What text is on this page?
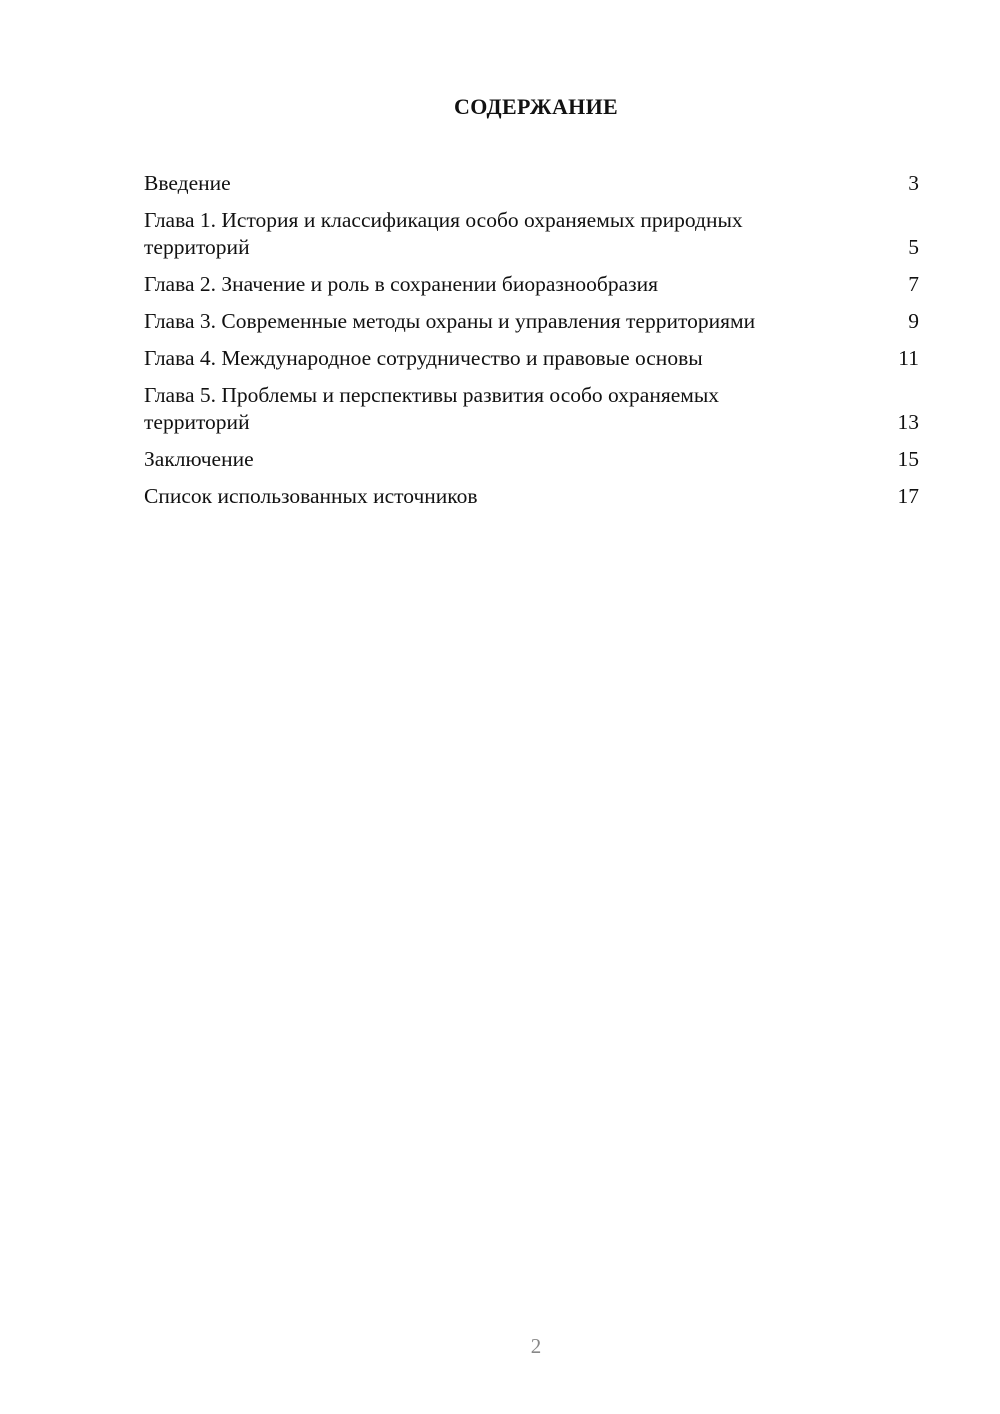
СОДЕРЖАНИЕ
Введение	3
Глава 1. История и классификация особо охраняемых природных территорий	5
Глава 2. Значение и роль в сохранении биоразнообразия	7
Глава 3. Современные методы охраны и управления территориями	9
Глава 4. Международное сотрудничество и правовые основы	11
Глава 5. Проблемы и перспективы развития особо охраняемых территорий	13
Заключение	15
Список использованных источников	17
2
